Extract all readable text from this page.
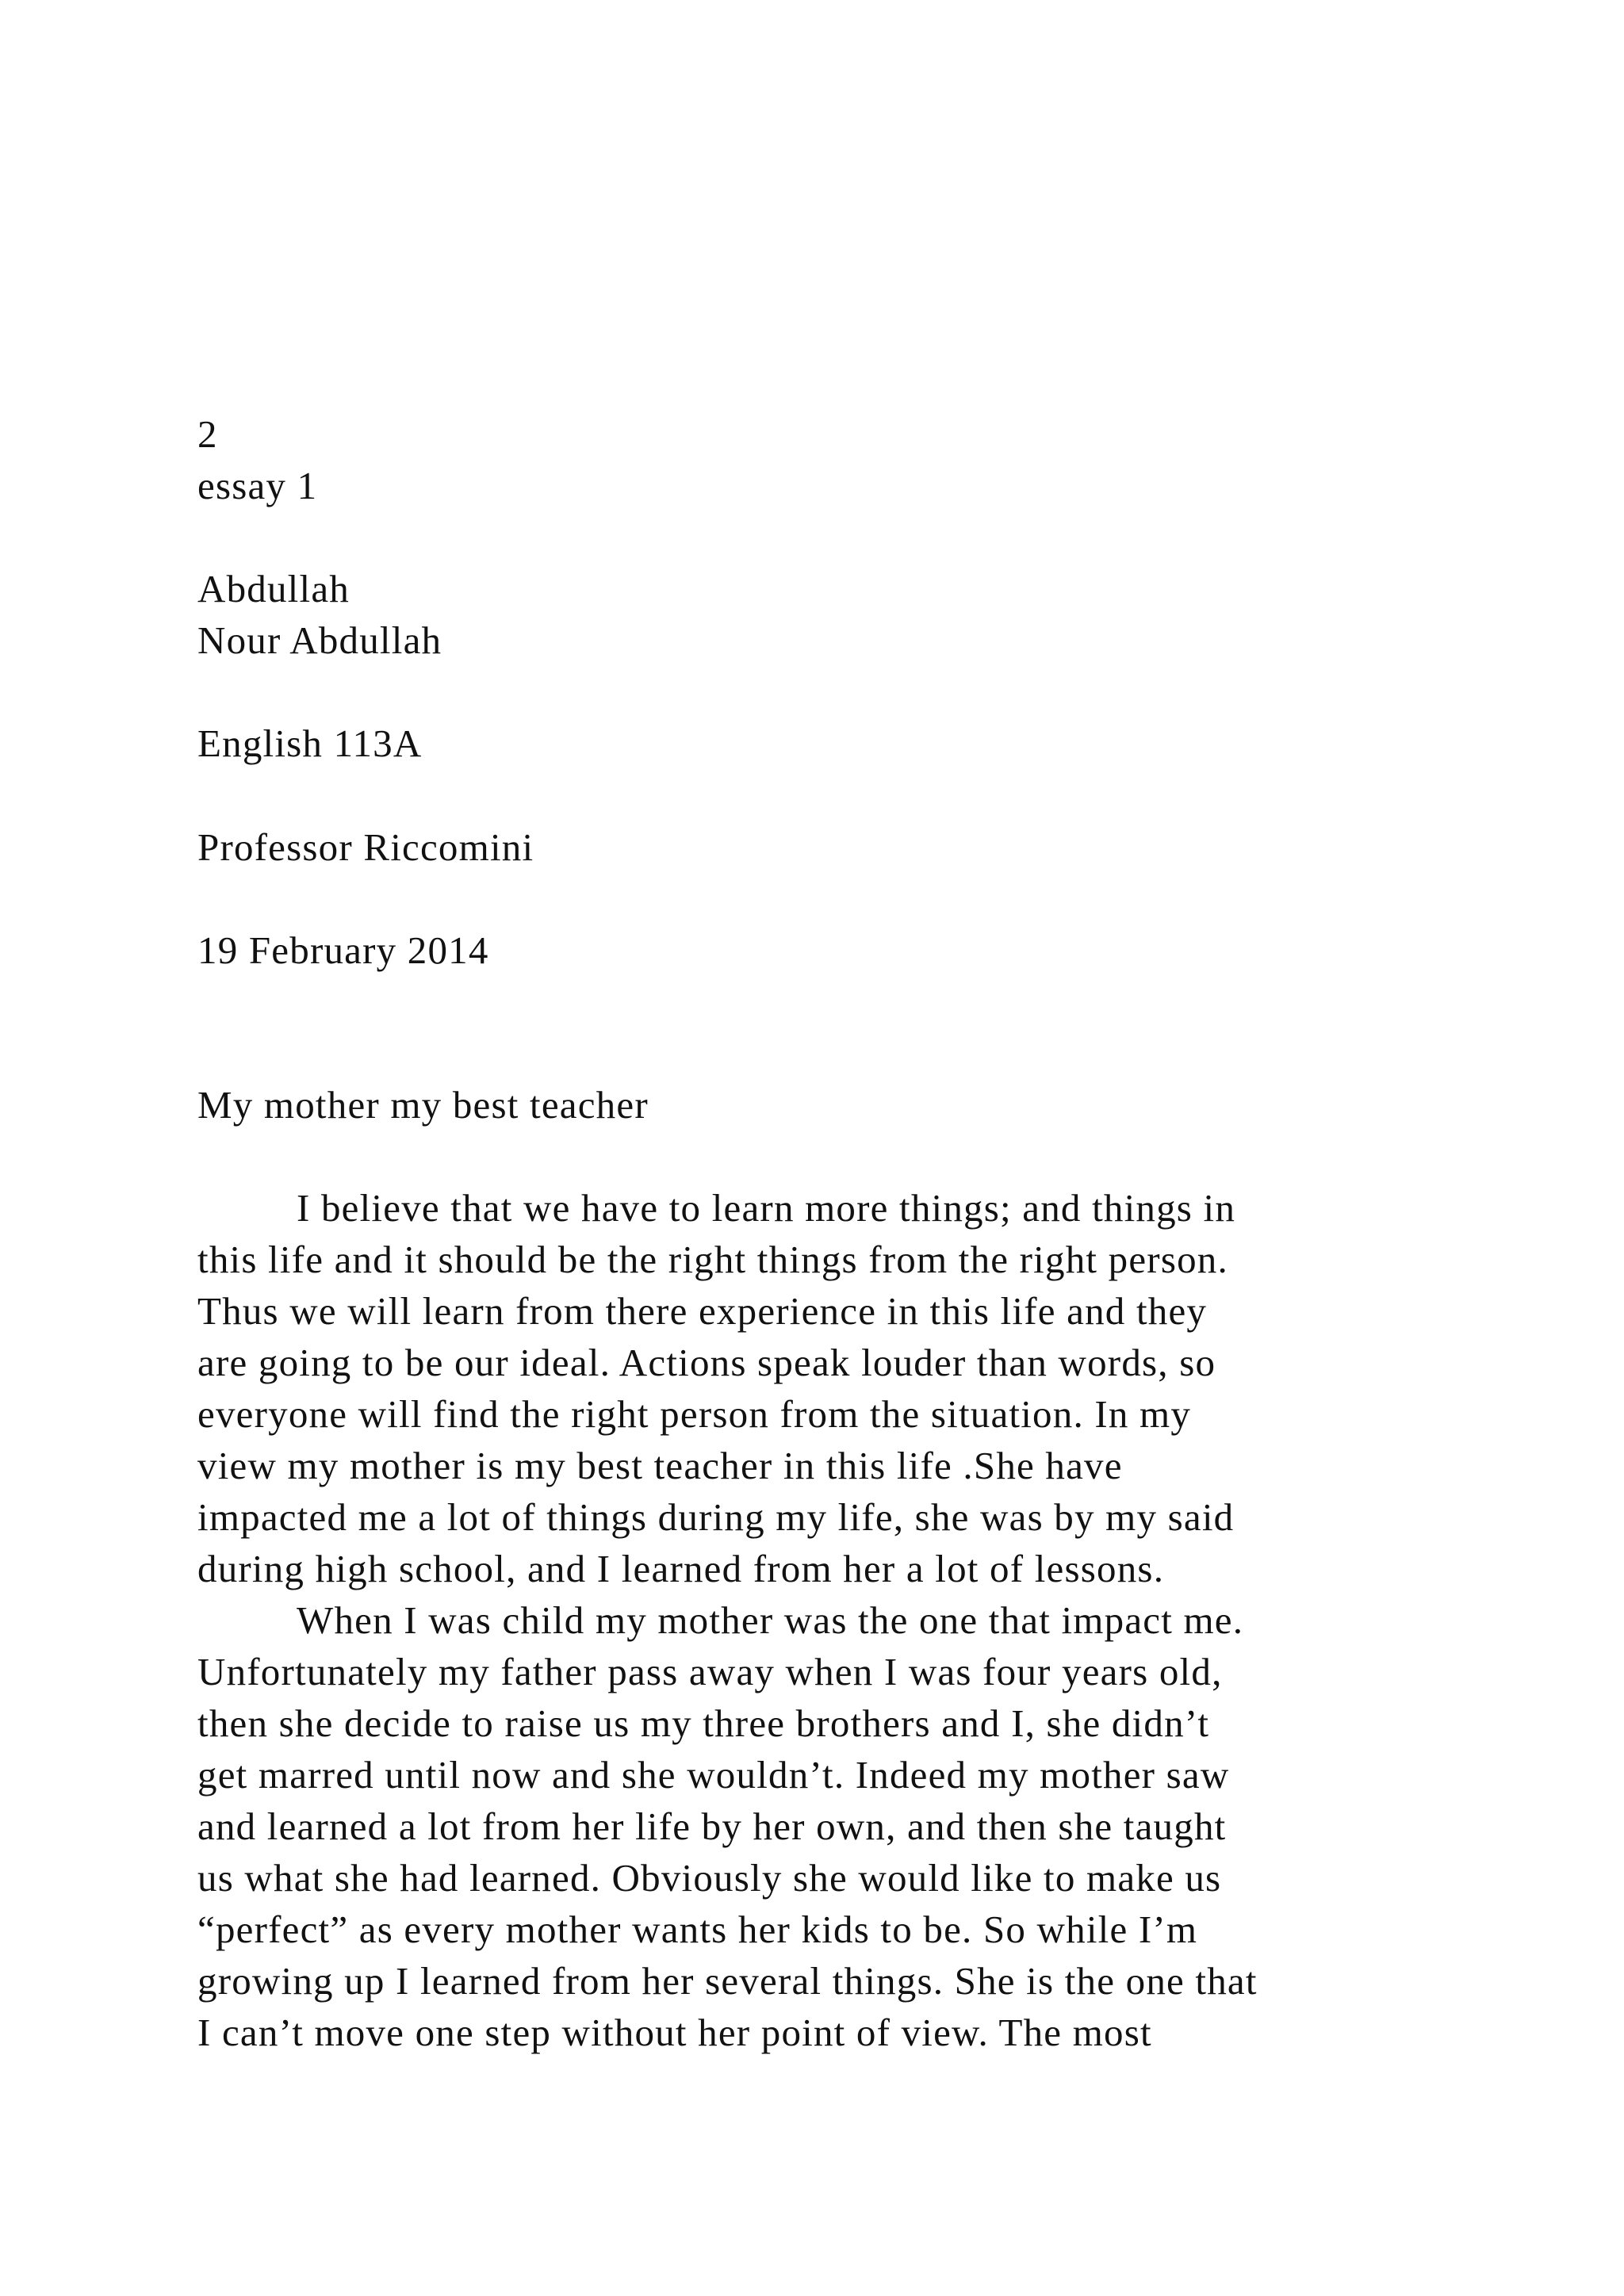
2
essay 1
Abdullah
Nour Abdullah
English 113A
Professor Riccomini
19 February 2014
My mother my best teacher
I believe that we have to learn more things; and things in
this life and it should be the right things from the right person.
Thus we will learn from there experience in this life and they
are going to be our ideal. Actions speak louder than words, so
everyone will find the right person from the situation. In my
view my mother is my best teacher in this life .She have
impacted me a lot of things during my life, she was by my said
during high school, and I learned from her a lot of lessons.
When I was child my mother was the one that impact me.
Unfortunately my father pass away when I was four years old,
then she decide to raise us my three brothers and I, she didn’t
get marred until now and she wouldn’t. Indeed my mother saw
and learned a lot from her life by her own, and then she taught
us what she had learned. Obviously she would like to make us
“perfect” as every mother wants her kids to be. So while I’m
growing up I learned from her several things. She is the one that
I can’t move one step without her point of view. The most
